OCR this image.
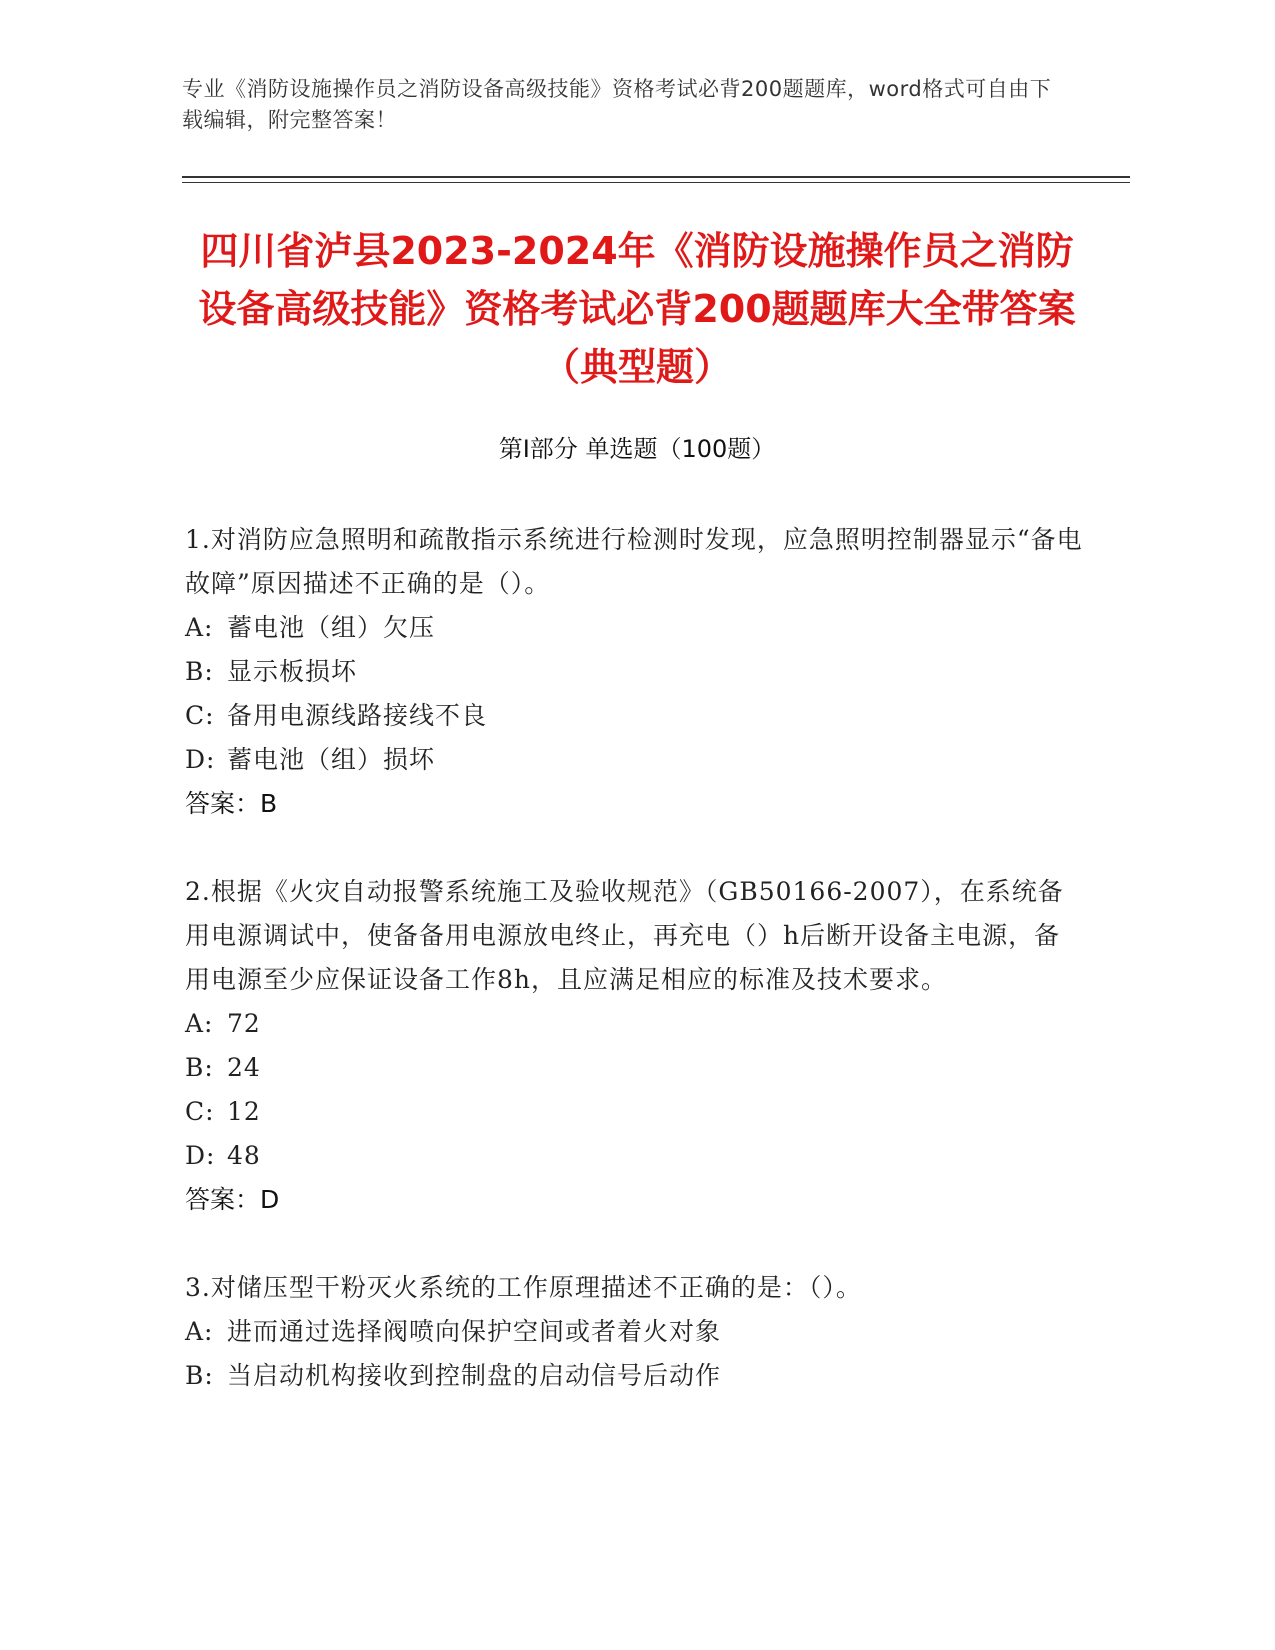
专业《消防设施操作员之消防设备高级技能》资格考试必背200题题库，word格式可自由下载编辑，附完整答案！
四川省泸县2023-2024年《消防设施操作员之消防设备高级技能》资格考试必背200题题库大全带答案（典型题）
第I部分 单选题（100题）

1.对消防应急照明和疏散指示系统进行检测时发现，应急照明控制器显示“备电故障”原因描述不正确的是（）。

A: 蓄电池（组）欠压

B: 显示板损坏

C: 备用电源线路接线不良

D: 蓄电池（组）损坏

答案：B

2.根据《火灾自动报警系统施工及验收规范》（GB50166-2007），在系统备用电源调试中，使备备用电源放电终止，再充电（）h后断开设备主电源，备用电源至少应保证设备工作8h，且应满足相应的标准及技术要求。

A: 72

B: 24

C: 12

D: 48

答案：D

3.对储压型干粉灭火系统的工作原理描述不正确的是：（）。

A: 进而通过选择阀喷向保护空间或者着火对象

B: 当启动机构接收到控制盘的启动信号后动作
